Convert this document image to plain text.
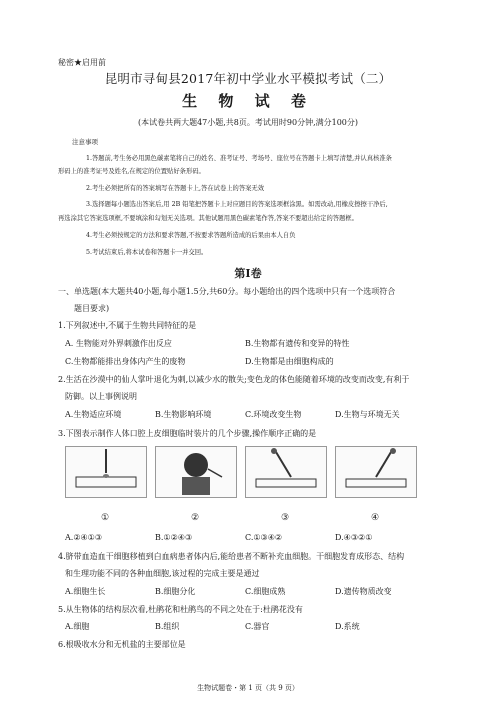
秘密★启用前
昆明市寻甸县2017年初中学业水平模拟考试（二）
生 物 试 卷
(本试卷共两大题47小题,共8页。考试用时90分钟,满分100分)
注意事项
1.答题前,考生务必用黑色碳素笔将自己的姓名、准考证号、考场号、座位号在答题卡上填写清楚,并认真核准条
形码上的准考证号及姓名,在规定的位置贴好条形码。
2.考生必须把所有的答案填写在答题卡上,答在试卷上的答案无效
3.选择题每小题选出答案后,用 2B 铅笔把答题卡上对应题目的答案选项框涂黑。如需改动,用橡皮擦擦干净后,
再选涂其它答案选项框,不要填涂和勾划无关选项。其他试题用黑色碳素笔作答,答案不要超出给定的答题框。
4.考生必须按规定的方法和要求答题,不按要求答题所造成的后果由本人自负
5.考试结束后,将本试卷和答题卡一并交回。
第Ⅰ卷
一、单选题(本大题共40小题,每小题1.5分,共60分。每小题给出的四个选项中只有一个选项符合
题目要求)
1.下列叙述中,不属于生物共同特征的是
A. 生物能对外界刺激作出反应	B.生物都有遗传和变异的特性
C.生物都能排出身体内产生的废物	D.生物都是由细胞构成的
2.生活在沙漠中的仙人掌叶退化为刺,以减少水的散失;变色龙的体色能随着环境的改变而改变,有利于
防御。以上事例说明
A.生物适应环境	B.生物影响环境	C.环境改变生物	D.生物与环境无关
3.下图表示制作人体口腔上皮细胞临时装片的几个步骤,操作顺序正确的是
①	②	③	④
A.②④①③	B.①②④③	C.①③④②	D.④③②①
4.脐带血造血干细胞移植到白血病患者体内后,能给患者不断补充血细胞。干细胞发育成形态、结构
和生理功能不同的各种血细胞,该过程的完成主要是通过
A.细胞生长	B.细胞分化	C.细胞成熟	D.遗传物质改变
5.从生物体的结构层次看,杜鹃花和杜鹃鸟的不同之处在于:杜鹃花没有
A.细胞	B.组织	C.器官	D.系统
6.根吸收水分和无机盐的主要部位是
生物试题卷・第 1 页（共 9 页）
